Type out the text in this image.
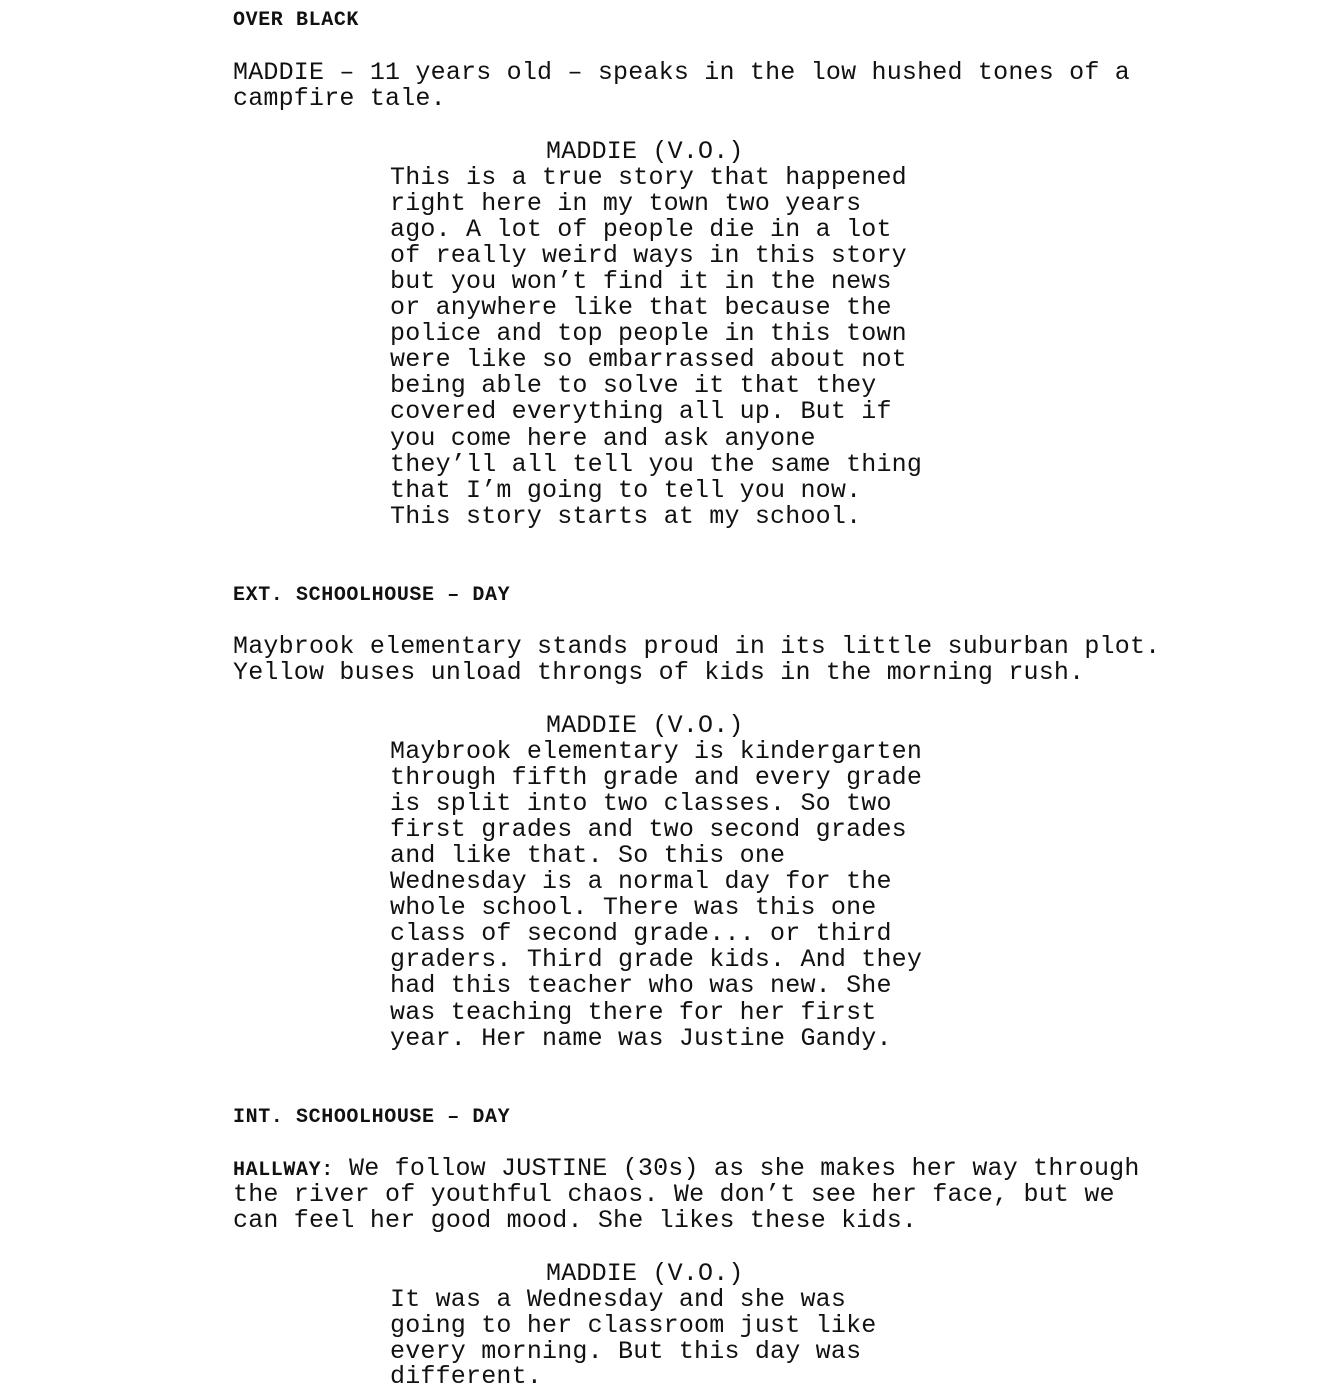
OVER BLACK
MADDIE – 11 years old – speaks in the low hushed tones of a
campfire tale.
MADDIE (V.O.)
This is a true story that happened
right here in my town two years
ago. A lot of people die in a lot
of really weird ways in this story
but you won’t find it in the news
or anywhere like that because the
police and top people in this town
were like so embarrassed about not
being able to solve it that they
covered everything all up. But if
you come here and ask anyone
they’ll all tell you the same thing
that I’m going to tell you now.
This story starts at my school.
EXT. SCHOOLHOUSE – DAY
Maybrook elementary stands proud in its little suburban plot.
Yellow buses unload throngs of kids in the morning rush.
MADDIE (V.O.)
Maybrook elementary is kindergarten
through fifth grade and every grade
is split into two classes. So two
first grades and two second grades
and like that. So this one
Wednesday is a normal day for the
whole school. There was this one
class of second grade... or third
graders. Third grade kids. And they
had this teacher who was new. She
was teaching there for her first
year. Her name was Justine Gandy.
INT. SCHOOLHOUSE – DAY
HALLWAY: We follow JUSTINE (30s) as she makes her way through
the river of youthful chaos. We don’t see her face, but we
can feel her good mood. She likes these kids.
MADDIE (V.O.)
It was a Wednesday and she was
going to her classroom just like
every morning. But this day was
different.
